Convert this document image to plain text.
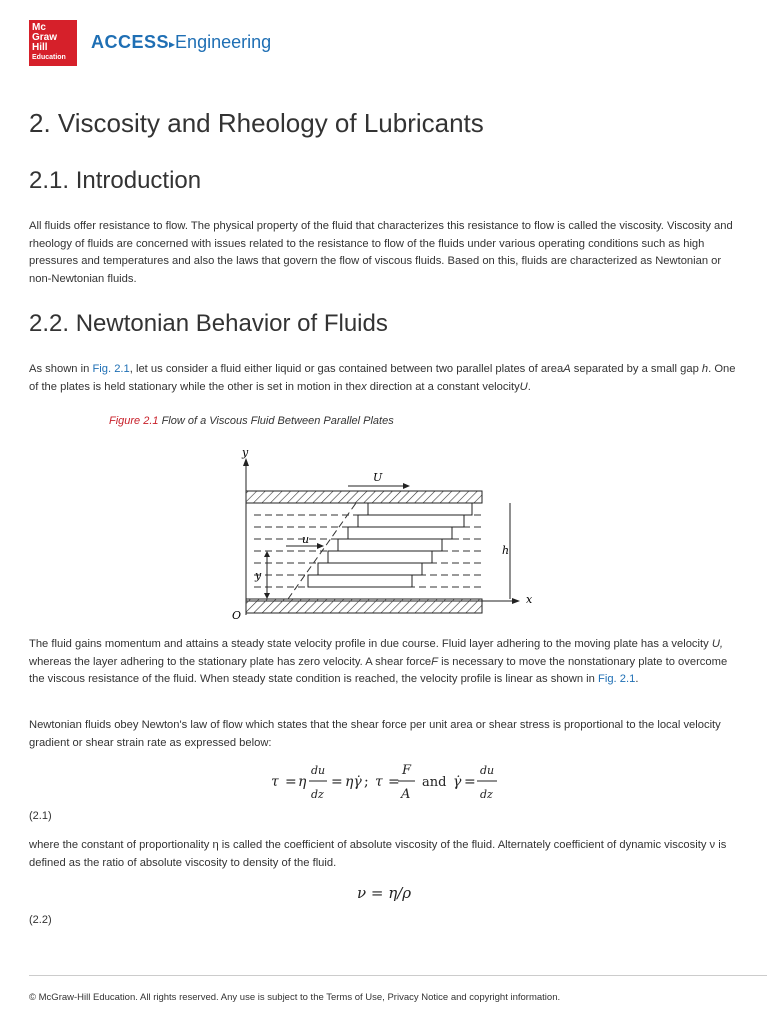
Mc
Graw
Hill
Education
ACCESS▸Engineering
2. Viscosity and Rheology of Lubricants
2.1. Introduction

All fluids offer resistance to flow. The physical property of the fluid that characterizes this resistance to flow is called the viscosity. Viscosity and rheology of fluids are concerned with issues related to the resistance to flow of the fluids under various operating conditions such as high pressures and temperatures and also the laws that govern the flow of viscous fluids. Based on this, fluids are characterized as Newtonian or non-Newtonian fluids.

2.2. Newtonian Behavior of Fluids

As shown in Fig. 2.1, let us consider a fluid either liquid or gas contained between two parallel plates of areaA separated by a small gap h. One of the plates is held stationary while the other is set in motion in thex direction at a constant velocityU.

Figure 2.1 Flow of a Viscous Fluid Between Parallel Plates
y
x
O
U
u
y
h

The fluid gains momentum and attains a steady state velocity profile in due course. Fluid layer adhering to the moving plate has a velocity U, whereas the layer adhering to the stationary plate has zero velocity. A shear forceF is necessary to move the nonstationary plate to overcome the viscous resistance of the fluid. When steady state condition is reached, the velocity profile is linear as shown in Fig. 2.1.

Newtonian fluids obey Newton's law of flow which states that the shear force per unit area or shear stress is proportional to the local velocity gradient or shear strain rate as expressed below:

τ = η
du
dz
= ηγ̇ ; τ =
F
A
and γ̇ =
du
dz
(2.1)

where the constant of proportionality η is called the coefficient of absolute viscosity of the fluid. Alternately coefficient of dynamic viscosity ν is defined as the ratio of absolute viscosity to density of the fluid.

ν = η/ρ
(2.2)
© McGraw-Hill Education. All rights reserved. Any use is subject to the Terms of Use, Privacy Notice and copyright information.
